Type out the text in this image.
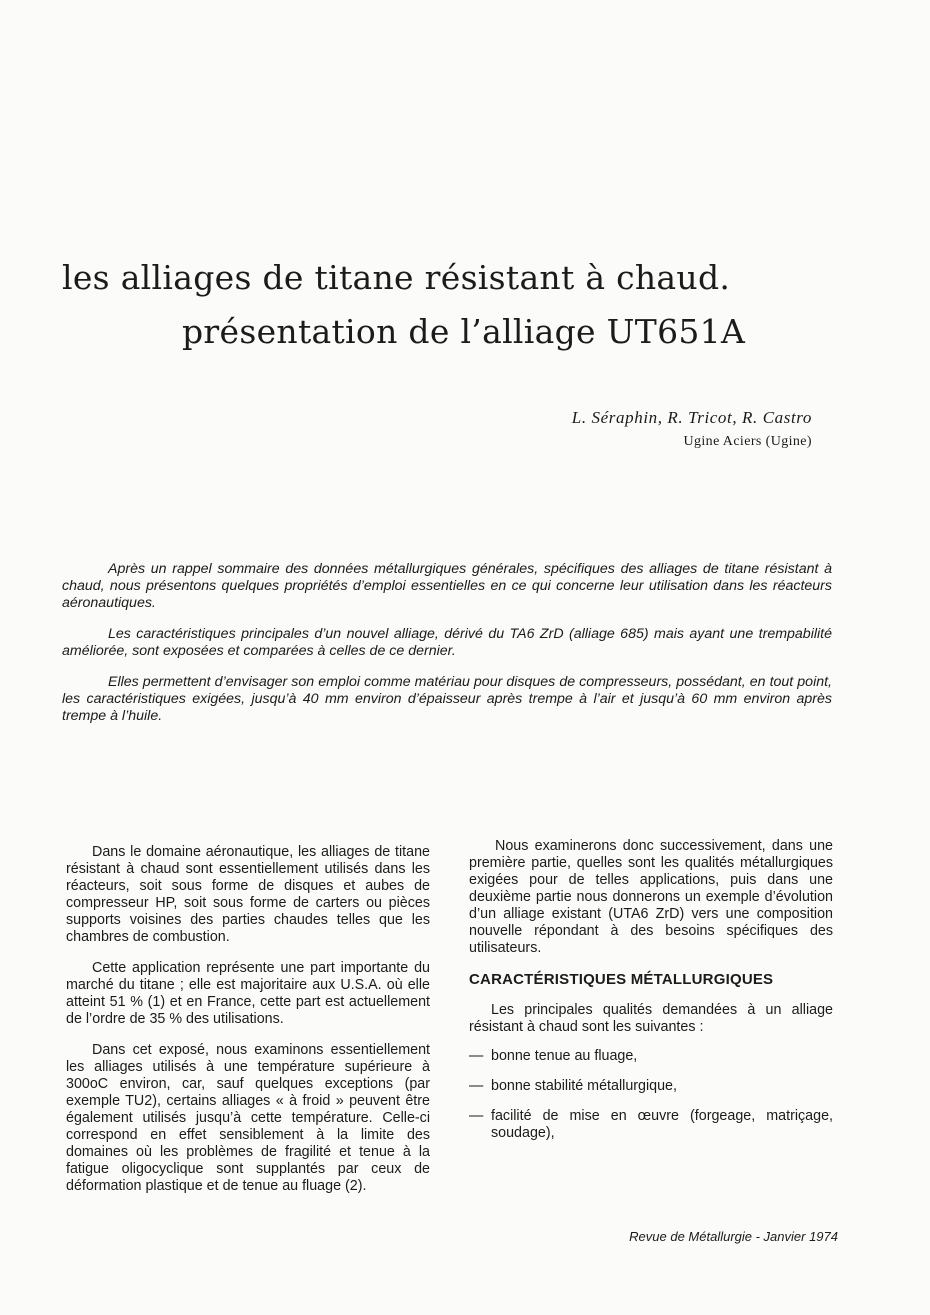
les alliages de titane résistant à chaud.
présentation de l’alliage UT651A
L. Séraphin, R. Tricot, R. Castro
Ugine Aciers (Ugine)

Après un rappel sommaire des données métallurgiques générales, spécifiques des alliages de titane résistant à chaud, nous présentons quelques propriétés d’emploi essentielles en ce qui concerne leur utilisation dans les réacteurs aéronautiques.

Les caractéristiques principales d’un nouvel alliage, dérivé du TA6 ZrD (alliage 685) mais ayant une trempabilité améliorée, sont exposées et comparées à celles de ce dernier.

Elles permettent d’envisager son emploi comme matériau pour disques de compresseurs, possédant, en tout point, les caractéristiques exigées, jusqu’à 40 mm environ d’épaisseur après trempe à l’air et jusqu’à 60 mm environ après trempe à l’huile.

Dans le domaine aéronautique, les alliages de titane résistant à chaud sont essentiellement utilisés dans les réacteurs, soit sous forme de disques et aubes de compresseur HP, soit sous forme de carters ou pièces supports voisines des parties chaudes telles que les chambres de combustion.

Cette application représente une part importante du marché du titane ; elle est majoritaire aux U.S.A. où elle atteint 51 % (1) et en France, cette part est actuellement de l’ordre de 35 % des utilisations.

Dans cet exposé, nous examinons essentiellement les alliages utilisés à une température supérieure à 300oC environ, car, sauf quelques exceptions (par exemple TU2), certains alliages « à froid » peuvent être également utilisés jusqu’à cette température. Celle-ci correspond en effet sensiblement à la limite des domaines où les problèmes de fragilité et tenue à la fatigue oligocyclique sont supplantés par ceux de déformation plastique et de tenue au fluage (2).

Nous examinerons donc successivement, dans une première partie, quelles sont les qualités métallurgiques exigées pour de telles applications, puis dans une deuxième partie nous donnerons un exemple d’évolution d’un alliage existant (UTA6 ZrD) vers une composition nouvelle répondant à des besoins spécifiques des utilisateurs.

CARACTÉRISTIQUES MÉTALLURGIQUES

Les principales qualités demandées à un alliage résistant à chaud sont les suivantes :

— bonne tenue au fluage,
— bonne stabilité métallurgique,
— facilité de mise en œuvre (forgeage, matriçage, soudage),
Revue de Métallurgie - Janvier 1974
